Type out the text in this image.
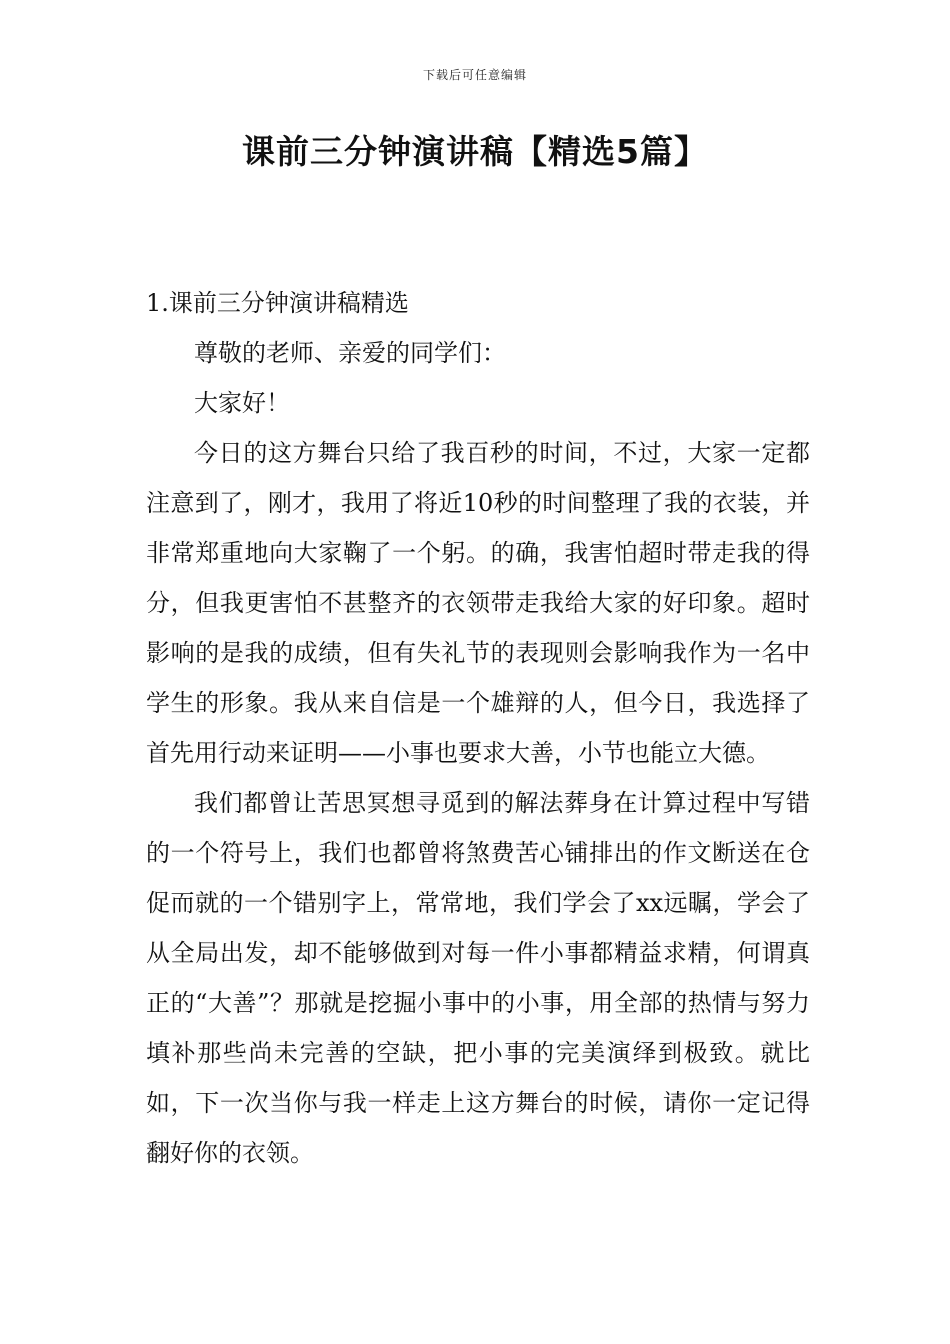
下载后可任意编辑
课前三分钟演讲稿【精选5篇】

1.课前三分钟演讲稿精选

尊敬的老师、亲爱的同学们：

大家好！

今日的这方舞台只给了我百秒的时间，不过，大家一定都注意到了，刚才，我用了将近10秒的时间整理了我的衣装，并非常郑重地向大家鞠了一个躬。的确，我害怕超时带走我的得分，但我更害怕不甚整齐的衣领带走我给大家的好印象。超时影响的是我的成绩，但有失礼节的表现则会影响我作为一名中学生的形象。我从来自信是一个雄辩的人，但今日，我选择了首先用行动来证明——小事也要求大善，小节也能立大德。

我们都曾让苦思冥想寻觅到的解法葬身在计算过程中写错的一个符号上，我们也都曾将煞费苦心铺排出的作文断送在仓促而就的一个错别字上，常常地，我们学会了xx远瞩，学会了从全局出发，却不能够做到对每一件小事都精益求精，何谓真正的“大善”？那就是挖掘小事中的小事，用全部的热情与努力填补那些尚未完善的空缺，把小事的完美演绎到极致。就比如，下一次当你与我一样走上这方舞台的时候，请你一定记得翻好你的衣领。
